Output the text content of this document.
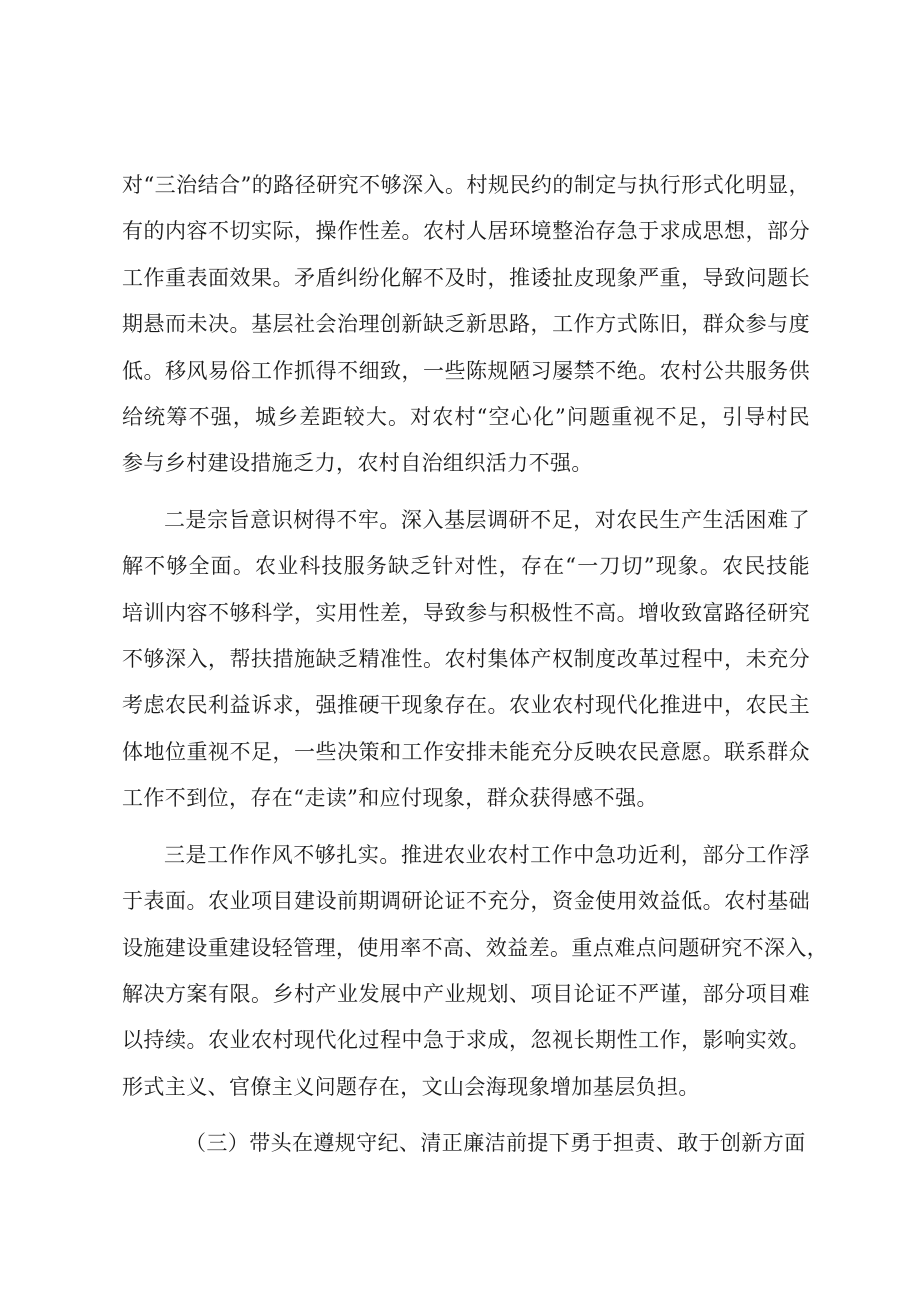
对“三治结合”的路径研究不够深入。村规民约的制定与执行形式化明显，
有的内容不切实际，操作性差。农村人居环境整治存急于求成思想，部分
工作重表面效果。矛盾纠纷化解不及时，推诿扯皮现象严重，导致问题长
期悬而未决。基层社会治理创新缺乏新思路，工作方式陈旧，群众参与度
低。移风易俗工作抓得不细致，一些陈规陋习屡禁不绝。农村公共服务供
给统筹不强，城乡差距较大。对农村“空心化”问题重视不足，引导村民
参与乡村建设措施乏力，农村自治组织活力不强。

二是宗旨意识树得不牢。深入基层调研不足，对农民生产生活困难了
解不够全面。农业科技服务缺乏针对性，存在“一刀切”现象。农民技能
培训内容不够科学，实用性差，导致参与积极性不高。增收致富路径研究
不够深入，帮扶措施缺乏精准性。农村集体产权制度改革过程中，未充分
考虑农民利益诉求，强推硬干现象存在。农业农村现代化推进中，农民主
体地位重视不足，一些决策和工作安排未能充分反映农民意愿。联系群众
工作不到位，存在“走读”和应付现象，群众获得感不强。

三是工作作风不够扎实。推进农业农村工作中急功近利，部分工作浮
于表面。农业项目建设前期调研论证不充分，资金使用效益低。农村基础
设施建设重建设轻管理，使用率不高、效益差。重点难点问题研究不深入，
解决方案有限。乡村产业发展中产业规划、项目论证不严谨，部分项目难
以持续。农业农村现代化过程中急于求成，忽视长期性工作，影响实效。
形式主义、官僚主义问题存在，文山会海现象增加基层负担。

（三）带头在遵规守纪、清正廉洁前提下勇于担责、敢于创新方面
